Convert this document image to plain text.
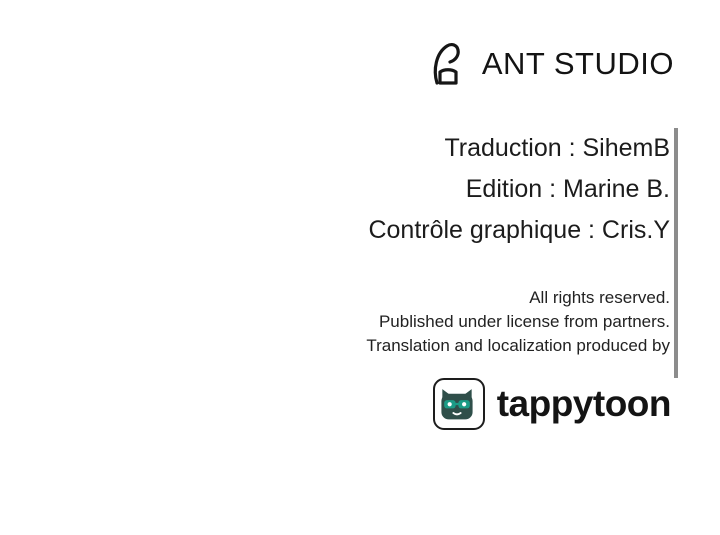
ANT STUDIO
Traduction : SihemB
Edition : Marine B.
Contrôle graphique : Cris.Y
All rights reserved.
Published under license from partners.
Translation and localization produced by
tappytoon
